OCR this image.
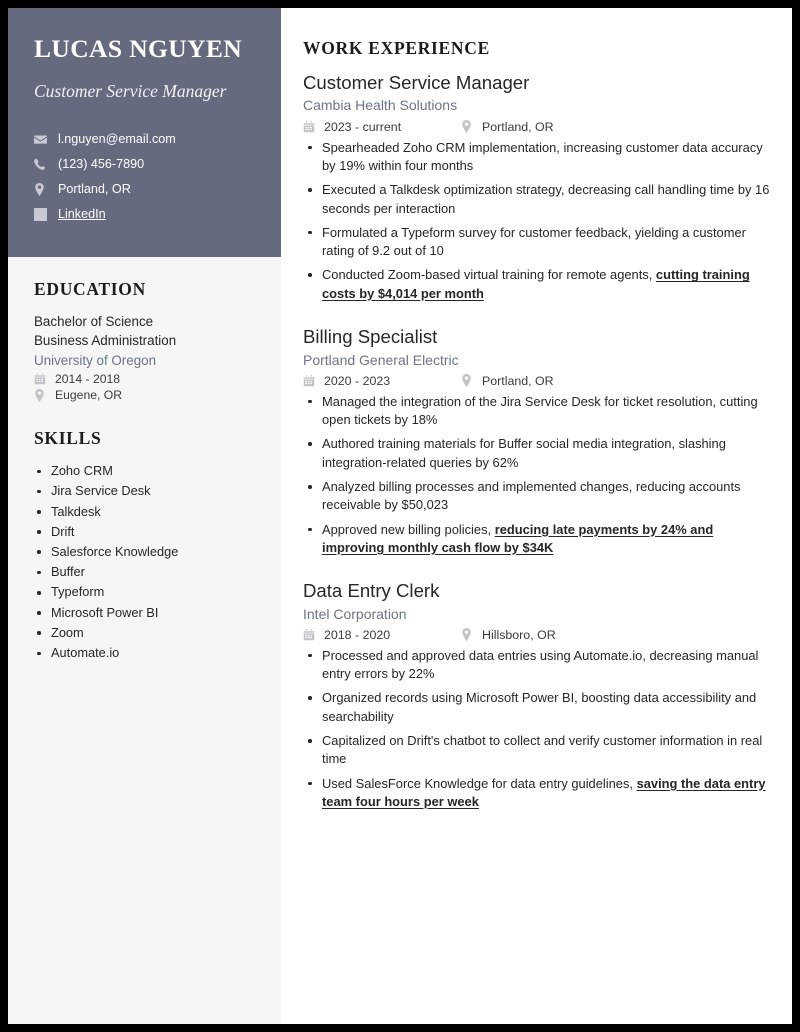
LUCAS NGUYEN
Customer Service Manager
l.nguyen@email.com
(123) 456-7890
Portland, OR
LinkedIn
EDUCATION
Bachelor of Science
Business Administration
University of Oregon
2014 - 2018
Eugene, OR
SKILLS
Zoho CRM
Jira Service Desk
Talkdesk
Drift
Salesforce Knowledge
Buffer
Typeform
Microsoft Power BI
Zoom
Automate.io
WORK EXPERIENCE
Customer Service Manager
Cambia Health Solutions
2023 - current	Portland, OR
Spearheaded Zoho CRM implementation, increasing customer data accuracy by 19% within four months
Executed a Talkdesk optimization strategy, decreasing call handling time by 16 seconds per interaction
Formulated a Typeform survey for customer feedback, yielding a customer rating of 9.2 out of 10
Conducted Zoom-based virtual training for remote agents, cutting training costs by $4,014 per month
Billing Specialist
Portland General Electric
2020 - 2023	Portland, OR
Managed the integration of the Jira Service Desk for ticket resolution, cutting open tickets by 18%
Authored training materials for Buffer social media integration, slashing integration-related queries by 62%
Analyzed billing processes and implemented changes, reducing accounts receivable by $50,023
Approved new billing policies, reducing late payments by 24% and improving monthly cash flow by $34K
Data Entry Clerk
Intel Corporation
2018 - 2020	Hillsboro, OR
Processed and approved data entries using Automate.io, decreasing manual entry errors by 22%
Organized records using Microsoft Power BI, boosting data accessibility and searchability
Capitalized on Drift's chatbot to collect and verify customer information in real time
Used SalesForce Knowledge for data entry guidelines, saving the data entry team four hours per week
